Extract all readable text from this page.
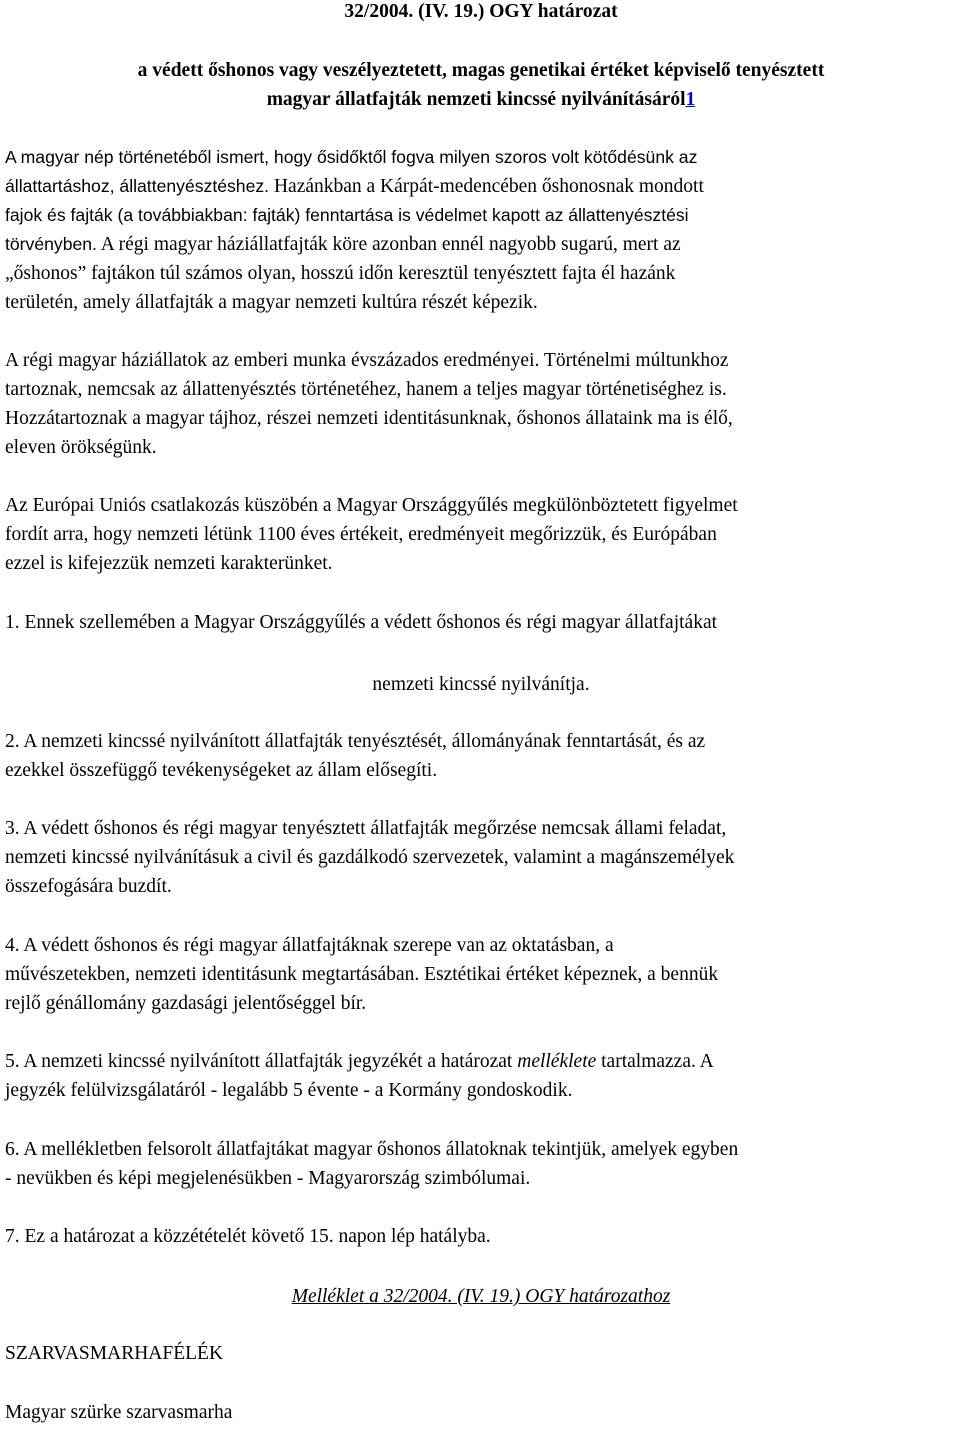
32/2004. (IV. 19.) OGY határozat
a védett őshonos vagy veszélyeztetett, magas genetikai értéket képviselő tenyésztett
magyar állatfajták nemzeti kincssé nyilvánításáról1
A magyar nép történetéből ismert, hogy ősidőktől fogva milyen szoros volt kötődésünk az
állattartáshoz, állattenyésztéshez. Hazánkban a Kárpát-medencében őshonosnak mondott
fajok és fajták (a továbbiakban: fajták) fenntartása is védelmet kapott az állattenyésztési
törvényben. A régi magyar háziállatfajták köre azonban ennél nagyobb sugarú, mert az
„őshonos” fajtákon túl számos olyan, hosszú időn keresztül tenyésztett fajta él hazánk
területén, amely állatfajták a magyar nemzeti kultúra részét képezik.
A régi magyar háziállatok az emberi munka évszázados eredményei. Történelmi múltunkhoz
tartoznak, nemcsak az állattenyésztés történetéhez, hanem a teljes magyar történetiséghez is.
Hozzátartoznak a magyar tájhoz, részei nemzeti identitásunknak, őshonos állataink ma is élő,
eleven örökségünk.
Az Európai Uniós csatlakozás küszöbén a Magyar Országgyűlés megkülönböztetett figyelmet
fordít arra, hogy nemzeti létünk 1100 éves értékeit, eredményeit megőrizzük, és Európában
ezzel is kifejezzük nemzeti karakterünket.
1. Ennek szellemében a Magyar Országgyűlés a védett őshonos és régi magyar állatfajtákat
nemzeti kincssé nyilvánítja.
2. A nemzeti kincssé nyilvánított állatfajták tenyésztését, állományának fenntartását, és az
ezekkel összefüggő tevékenységeket az állam elősegíti.
3. A védett őshonos és régi magyar tenyésztett állatfajták megőrzése nemcsak állami feladat,
nemzeti kincssé nyilvánításuk a civil és gazdálkodó szervezetek, valamint a magánszemélyek
összefogására buzdít.
4. A védett őshonos és régi magyar állatfajtáknak szerepe van az oktatásban, a
művészetekben, nemzeti identitásunk megtartásában. Esztétikai értéket képeznek, a bennük
rejlő génállomány gazdasági jelentőséggel bír.
5. A nemzeti kincssé nyilvánított állatfajták jegyzékét a határozat melléklete tartalmazza. A
jegyzék felülvizsgálatáról - legalább 5 évente - a Kormány gondoskodik.
6. A mellékletben felsorolt állatfajtákat magyar őshonos állatoknak tekintjük, amelyek egyben
- nevükben és képi megjelenésükben - Magyarország szimbólumai.
7. Ez a határozat a közzétételét követő 15. napon lép hatályba.
Melléklet a 32/2004. (IV. 19.) OGY határozathoz
SZARVASMARHAFÉLÉK
Magyar szürke szarvasmarha
